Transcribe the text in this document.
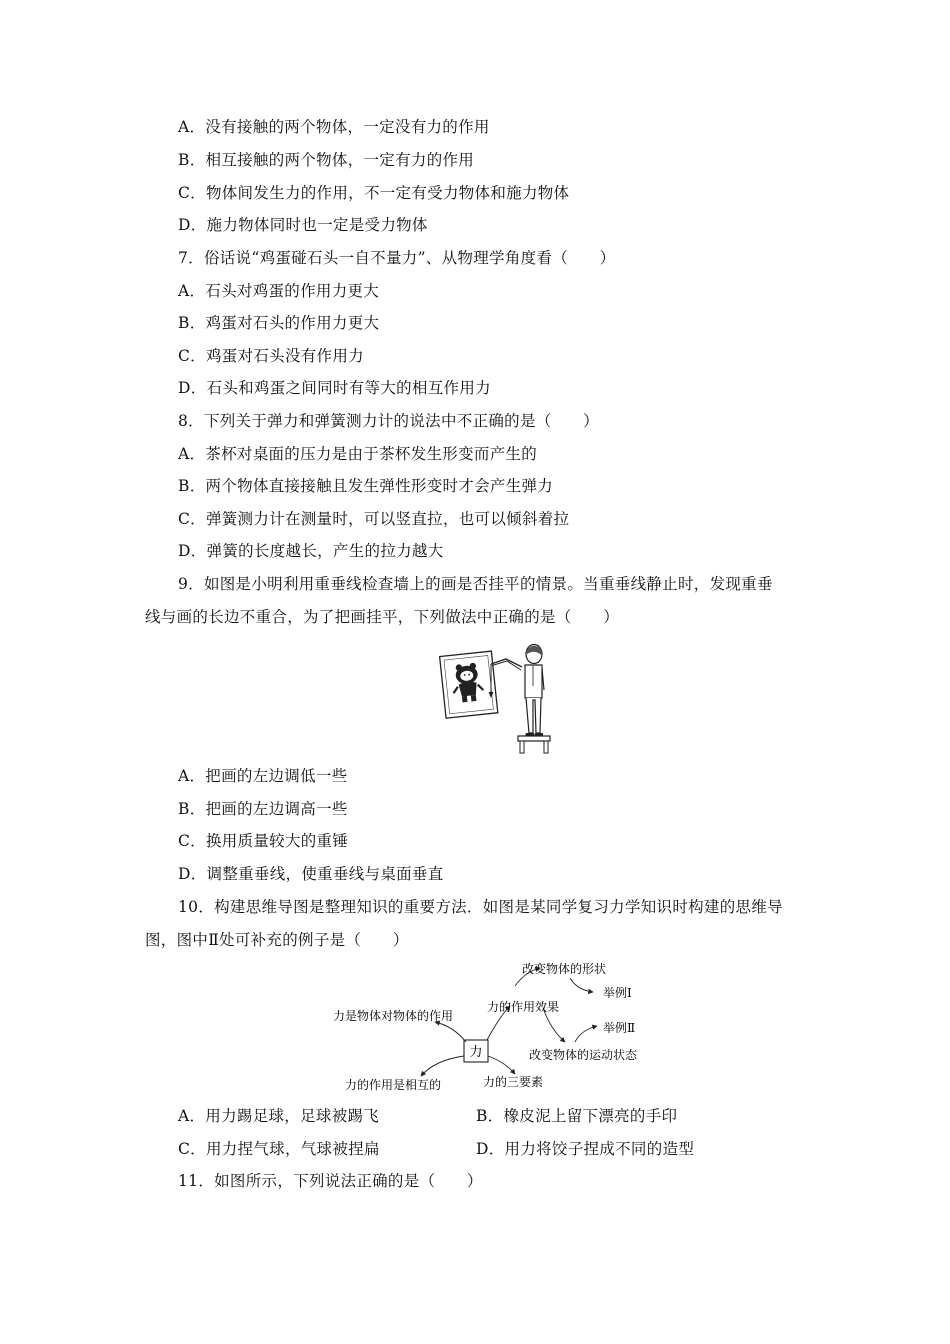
A．没有接触的两个物体，一定没有力的作用
B．相互接触的两个物体，一定有力的作用
C．物体间发生力的作用，不一定有受力物体和施力物体
D．施力物体同时也一定是受力物体
7．俗话说“鸡蛋碰石头一自不量力”、从物理学角度看（　　）
A．石头对鸡蛋的作用力更大
B．鸡蛋对石头的作用力更大
C．鸡蛋对石头没有作用力
D．石头和鸡蛋之间同时有等大的相互作用力
8．下列关于弹力和弹簧测力计的说法中不正确的是（　　）
A．茶杯对桌面的压力是由于茶杯发生形变而产生的
B．两个物体直接接触且发生弹性形变时才会产生弹力
C．弹簧测力计在测量时，可以竖直拉，也可以倾斜着拉
D．弹簧的长度越长，产生的拉力越大
9．如图是小明利用重垂线检查墙上的画是否挂平的情景。当重垂线静止时，发现重垂
线与画的长边不重合，为了把画挂平，下列做法中正确的是（　　）
A．把画的左边调低一些
B．把画的左边调高一些
C．换用质量较大的重锤
D．调整重垂线，使重垂线与桌面垂直
10．构建思维导图是整理知识的重要方法．如图是某同学复习力学知识时构建的思维导
图，图中Ⅱ处可补充的例子是（　　）
力
改变物体的形状
力的作用效果
举例Ⅰ
举例Ⅱ
力是物体对物体的作用
改变物体的运动状态
力的作用是相互的	力的三要素
A．用力踢足球，足球被踢飞	B．橡皮泥上留下漂亮的手印
C．用力捏气球，气球被捏扁	D．用力将饺子捏成不同的造型
11．如图所示，下列说法正确的是（　　）
